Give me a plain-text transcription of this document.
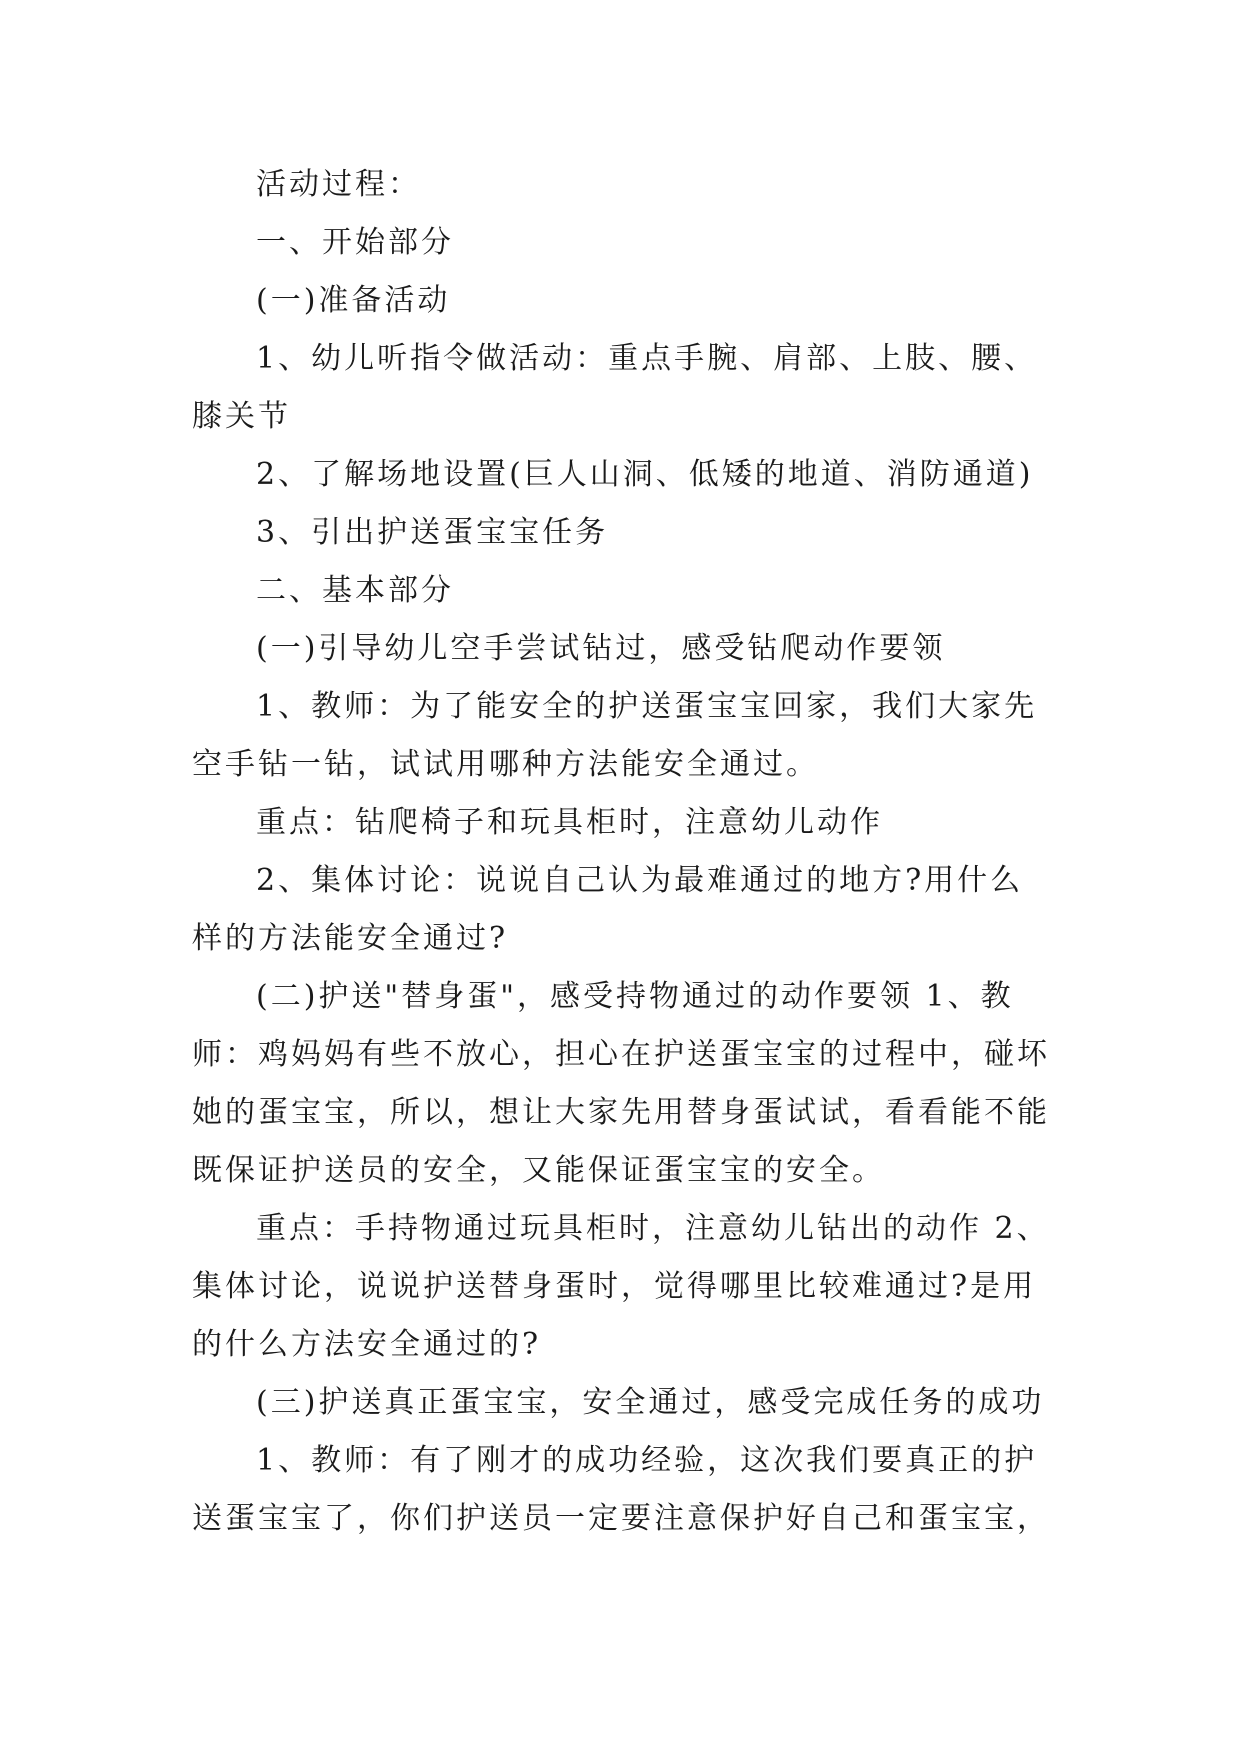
活动过程：

一、开始部分

(一)准备活动

1、幼儿听指令做活动：重点手腕、肩部、上肢、腰、膝关节

2、了解场地设置(巨人山洞、低矮的地道、消防通道)

3、引出护送蛋宝宝任务

二、基本部分

(一)引导幼儿空手尝试钻过，感受钻爬动作要领

1、教师：为了能安全的护送蛋宝宝回家，我们大家先空手钻一钻，试试用哪种方法能安全通过。

重点：钻爬椅子和玩具柜时，注意幼儿动作

2、集体讨论：说说自己认为最难通过的地方?用什么样的方法能安全通过?

(二)护送"替身蛋"，感受持物通过的动作要领 1、教师：鸡妈妈有些不放心，担心在护送蛋宝宝的过程中，碰坏她的蛋宝宝，所以，想让大家先用替身蛋试试，看看能不能既保证护送员的安全，又能保证蛋宝宝的安全。

重点：手持物通过玩具柜时，注意幼儿钻出的动作 2、集体讨论，说说护送替身蛋时，觉得哪里比较难通过?是用的什么方法安全通过的?

(三)护送真正蛋宝宝，安全通过，感受完成任务的成功

1、教师：有了刚才的成功经验，这次我们要真正的护送蛋宝宝了，你们护送员一定要注意保护好自己和蛋宝宝，
